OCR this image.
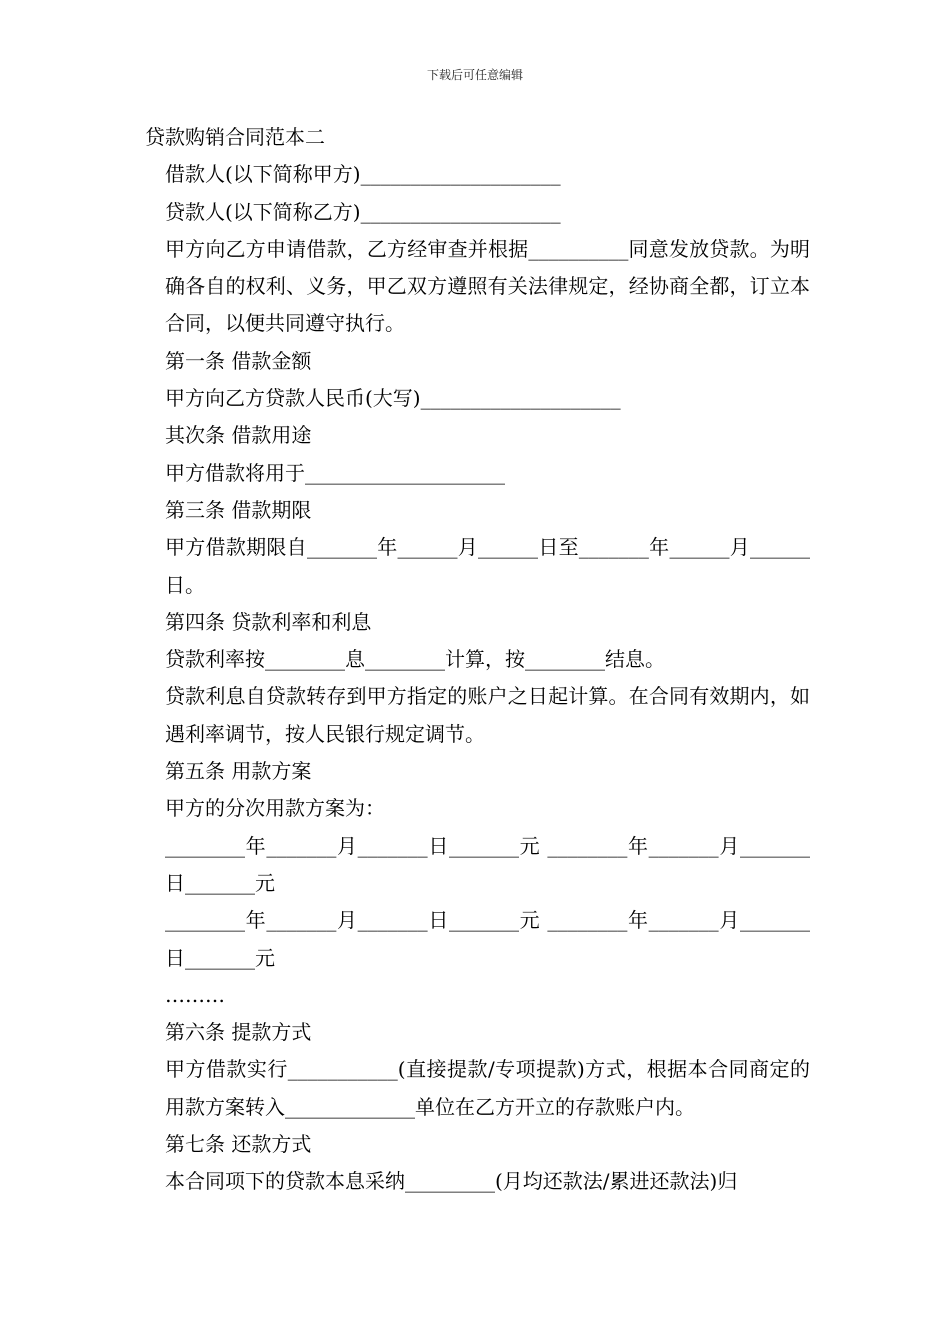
下载后可任意编辑

贷款购销合同范本二

借款人(以下简称甲方)____________________

贷款人(以下简称乙方)____________________

甲方向乙方申请借款，乙方经审查并根据__________同意发放贷款。为明确各自的权利、义务，甲乙双方遵照有关法律规定，经协商全都，订立本合同，以便共同遵守执行。

第一条 借款金额

甲方向乙方贷款人民币(大写)____________________

其次条 借款用途

甲方借款将用于____________________

第三条 借款期限

甲方借款期限自_______年______月______日至_______年______月______日。

第四条 贷款利率和利息

贷款利率按________息________计算，按________结息。

贷款利息自贷款转存到甲方指定的账户之日起计算。在合同有效期内，如遇利率调节，按人民银行规定调节。

第五条 用款方案

甲方的分次用款方案为：

________年_______月_______日_______元 ________年_______月_______日_______元

________年_______月_______日_______元 ________年_______月_______日_______元

………

第六条 提款方式

甲方借款实行___________(直接提款/专项提款)方式，根据本合同商定的用款方案转入_____________单位在乙方开立的存款账户内。

第七条 还款方式

本合同项下的贷款本息采纳_________(月均还款法/累进还款法)归
